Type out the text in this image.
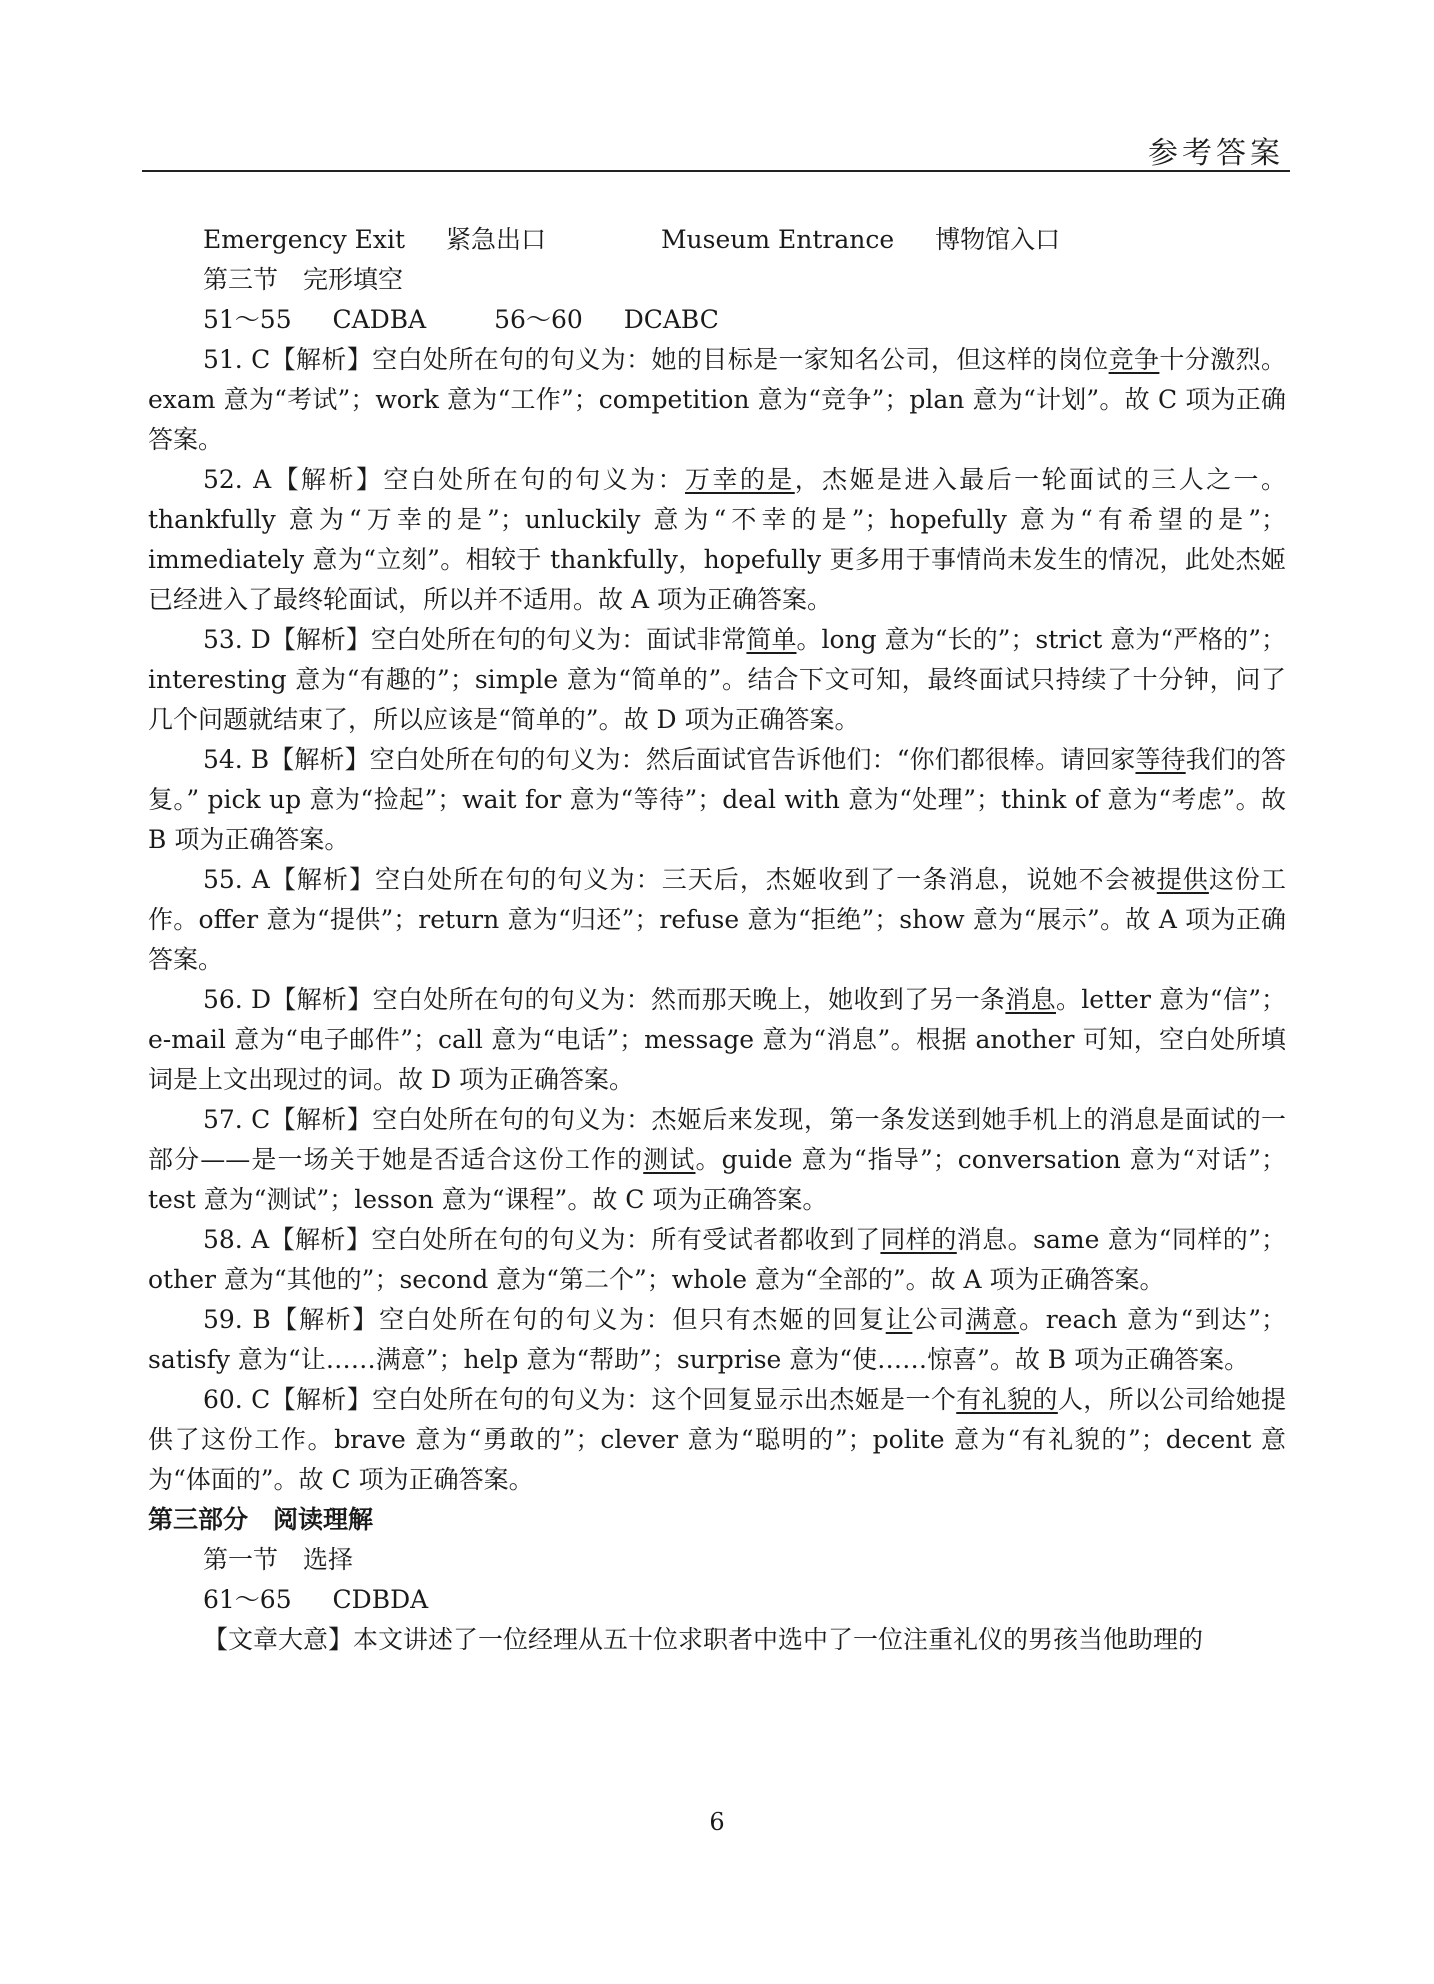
参考答案
Emergency Exit 　 紧急出口	Museum Entrance 　 博物馆入口
第三节　完形填空
51～55 　 CADBA	56～60 　 DCABC

51. C【解析】空白处所在句的句义为：她的目标是一家知名公司，但这样的岗位竞争十分激烈。exam 意为“考试”；work 意为“工作”；competition 意为“竞争”；plan 意为“计划”。故 C 项为正确答案。

52. A【解析】空白处所在句的句义为：万幸的是，杰姬是进入最后一轮面试的三人之一。thankfully 意为“万幸的是”；unluckily 意为“不幸的是”；hopefully 意为“有希望的是”；immediately 意为“立刻”。相较于 thankfully，hopefully 更多用于事情尚未发生的情况，此处杰姬已经进入了最终轮面试，所以并不适用。故 A 项为正确答案。

53. D【解析】空白处所在句的句义为：面试非常简单。long 意为“长的”；strict 意为“严格的”；interesting 意为“有趣的”；simple 意为“简单的”。结合下文可知，最终面试只持续了十分钟，问了几个问题就结束了，所以应该是“简单的”。故 D 项为正确答案。

54. B【解析】空白处所在句的句义为：然后面试官告诉他们：“你们都很棒。请回家等待我们的答复。” pick up 意为“捡起”；wait for 意为“等待”；deal with 意为“处理”；think of 意为“考虑”。故 B 项为正确答案。

55. A【解析】空白处所在句的句义为：三天后，杰姬收到了一条消息，说她不会被提供这份工作。offer 意为“提供”；return 意为“归还”；refuse 意为“拒绝”；show 意为“展示”。故 A 项为正确答案。

56. D【解析】空白处所在句的句义为：然而那天晚上，她收到了另一条消息。letter 意为“信”；e-mail 意为“电子邮件”；call 意为“电话”；message 意为“消息”。根据 another 可知，空白处所填词是上文出现过的词。故 D 项为正确答案。

57. C【解析】空白处所在句的句义为：杰姬后来发现，第一条发送到她手机上的消息是面试的一部分——是一场关于她是否适合这份工作的测试。guide 意为“指导”；conversation 意为“对话”；test 意为“测试”；lesson 意为“课程”。故 C 项为正确答案。

58. A【解析】空白处所在句的句义为：所有受试者都收到了同样的消息。same 意为“同样的”；other 意为“其他的”；second 意为“第二个”；whole 意为“全部的”。故 A 项为正确答案。

59. B【解析】空白处所在句的句义为：但只有杰姬的回复让公司满意。reach 意为“到达”；satisfy 意为“让……满意”；help 意为“帮助”；surprise 意为“使……惊喜”。故 B 项为正确答案。

60. C【解析】空白处所在句的句义为：这个回复显示出杰姬是一个有礼貌的人，所以公司给她提供了这份工作。brave 意为“勇敢的”；clever 意为“聪明的”；polite 意为“有礼貌的”；decent 意为“体面的”。故 C 项为正确答案。

第三部分　阅读理解
第一节　选择
61～65 　 CDBDA

【文章大意】本文讲述了一位经理从五十位求职者中选中了一位注重礼仪的男孩当他助理的

6
